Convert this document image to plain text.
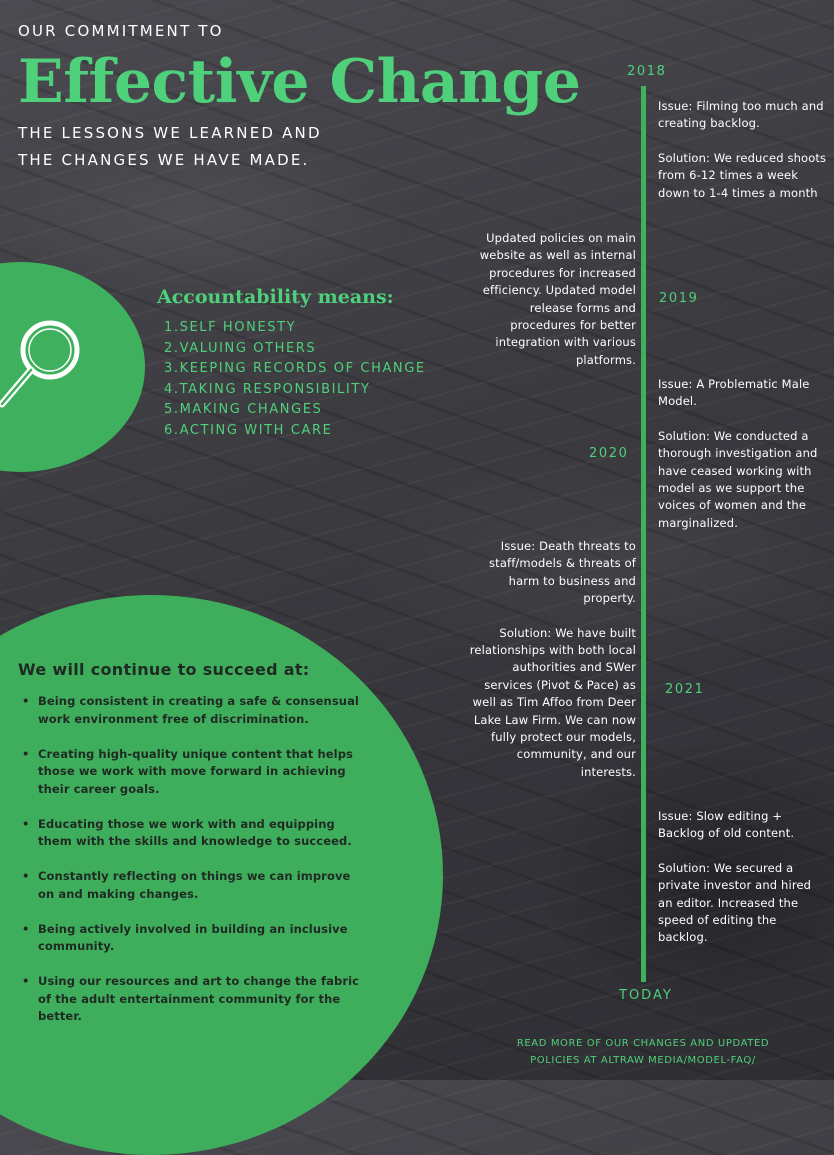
OUR COMMITMENT TO
Effective Change
THE LESSONS WE LEARNED AND
THE CHANGES WE HAVE MADE.
Accountability means:
1.SELF HONESTY
2.VALUING OTHERS
3.KEEPING RECORDS OF CHANGE
4.TAKING RESPONSIBILITY
5.MAKING CHANGES
6.ACTING WITH CARE
We will continue to succeed at:
• Being consistent in creating a safe & consensual work environment free of discrimination.
• Creating high-quality unique content that helps those we work with move forward in achieving their career goals.
• Educating those we work with and equipping them with the skills and knowledge to succeed.
• Constantly reflecting on things we can improve on and making changes.
• Being actively involved in building an inclusive community.
• Using our resources and art to change the fabric of the adult entertainment community for the better.
2018
Issue: Filming too much and creating backlog.
Solution: We reduced shoots from 6-12 times a week down to 1-4 times a month
Updated policies on main website as well as internal procedures for increased efficiency. Updated model release forms and procedures for better integration with various platforms.
2019
Issue: A Problematic Male Model.
Solution: We conducted a thorough investigation and have ceased working with model as we support the voices of women and the marginalized.
2020
Issue: Death threats to staff/models & threats of harm to business and property.
Solution: We have built relationships with both local authorities and SWer services (Pivot & Pace) as well as Tim Affoo from Deer Lake Law Firm. We can now fully protect our models, community, and our interests.
2021
Issue: Slow editing + Backlog of old content.
Solution: We secured a private investor and hired an editor. Increased the speed of editing the backlog.
TODAY
READ MORE OF OUR CHANGES AND UPDATED
POLICIES AT ALTRAW MEDIA/MODEL-FAQ/
